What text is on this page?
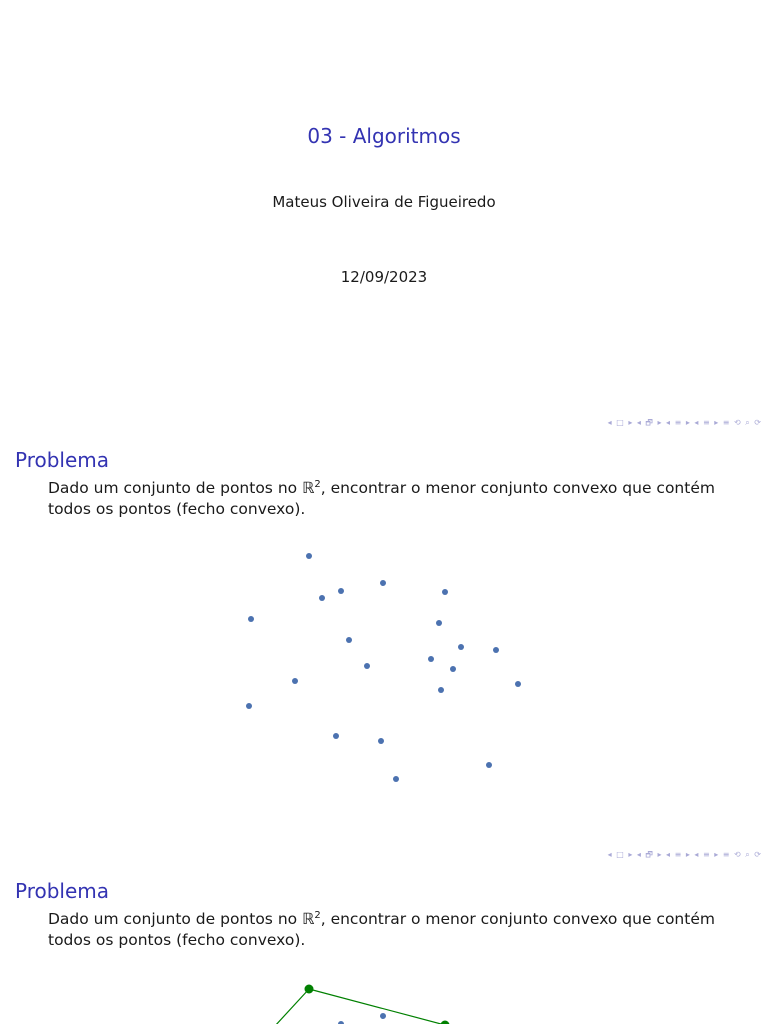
03 - Algoritmos
Mateus Oliveira de Figueiredo
12/09/2023
◂ □ ▸ ◂ 🗗 ▸ ◂ ≡ ▸ ◂ ≡ ▸ ≡ ⟲ ⌕ ⟳
Problema
Dado um conjunto de pontos no ℝ$^2$, encontrar o menor conjunto convexo que contém todos os pontos (fecho convexo).
◂ □ ▸ ◂ 🗗 ▸ ◂ ≡ ▸ ◂ ≡ ▸ ≡ ⟲ ⌕ ⟳
Problema
Dado um conjunto de pontos no ℝ$^2$, encontrar o menor conjunto convexo que contém todos os pontos (fecho convexo).
